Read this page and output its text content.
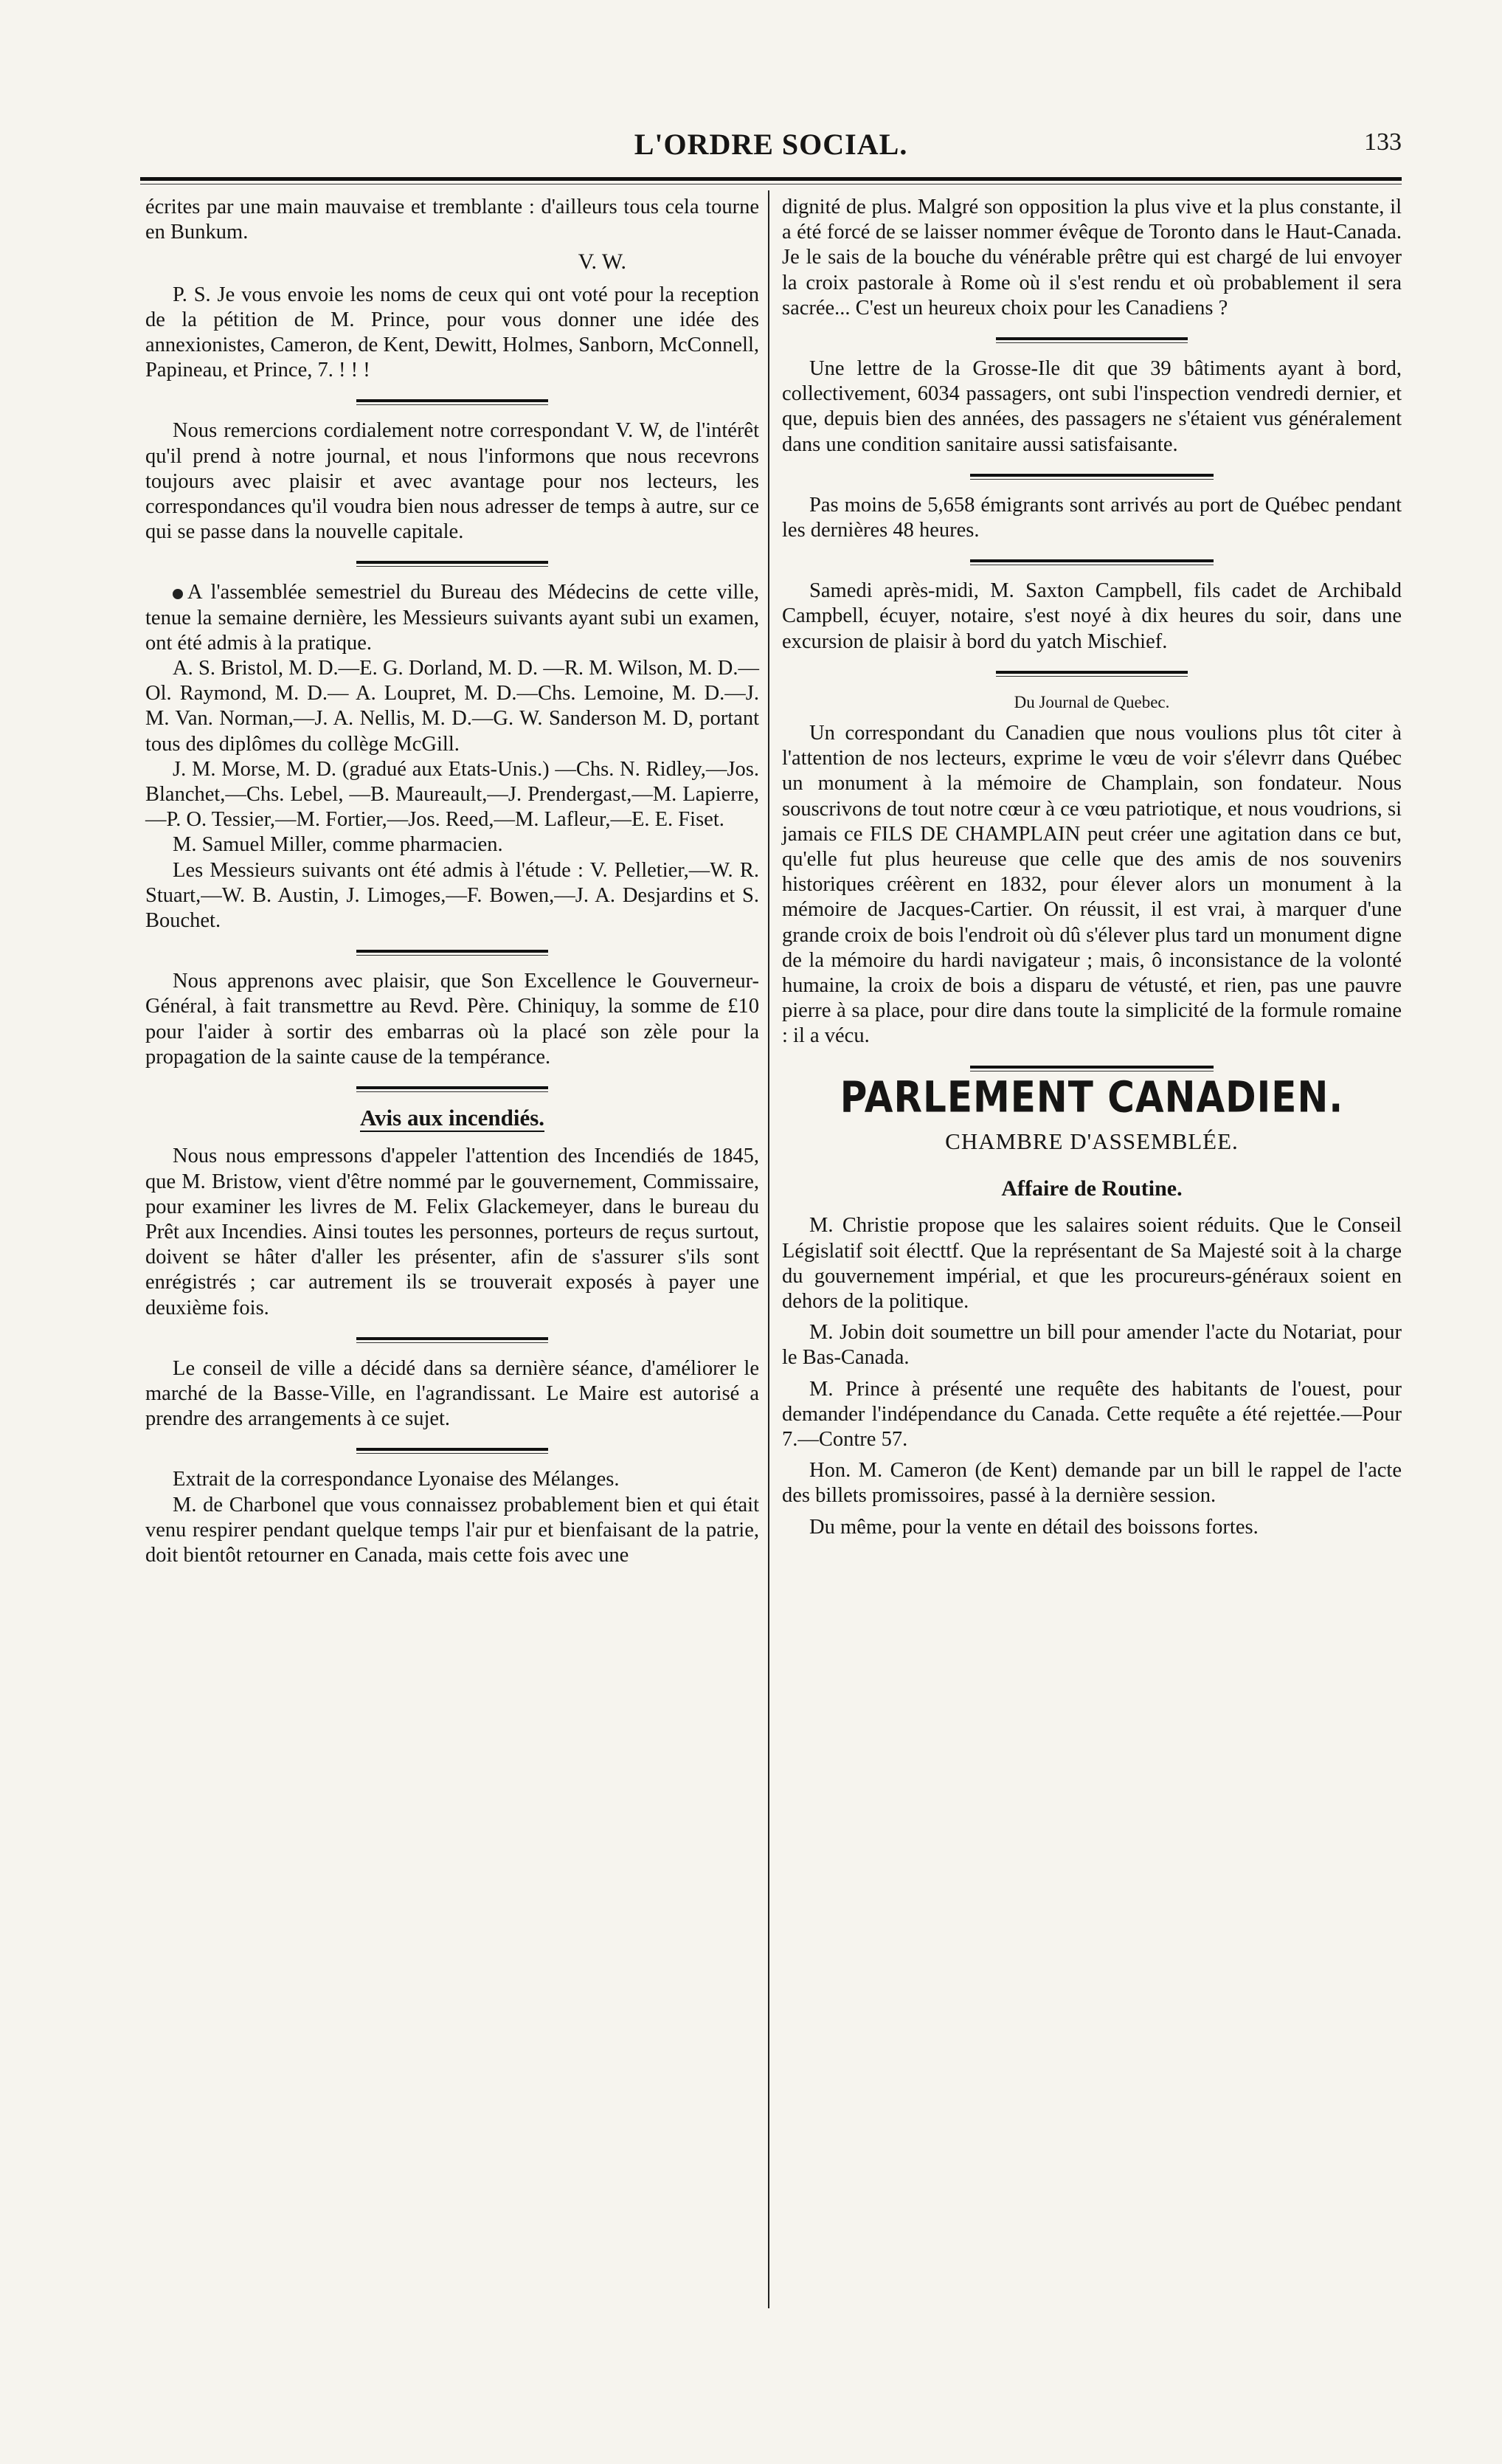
L'ORDRE SOCIAL.	133

écrites par une main mauvaise et tremblante : d'ailleurs tous cela tourne en Bunkum.

V. W.

P. S. Je vous envoie les noms de ceux qui ont voté pour la reception de la pétition de M. Prince, pour vous donner une idée des annexionistes, Cameron, de Kent, Dewitt, Holmes, Sanborn, McConnell, Papineau, et Prince, 7. ! ! !

Nous remercions cordialement notre correspondant V. W, de l'intérêt qu'il prend à notre journal, et nous l'informons que nous recevrons toujours avec plaisir et avec avantage pour nos lecteurs, les correspondances qu'il voudra bien nous adresser de temps à autre, sur ce qui se passe dans la nouvelle capitale.

A l'assemblée semestriel du Bureau des Médecins de cette ville, tenue la semaine dernière, les Messieurs suivants ayant subi un examen, ont été admis à la pratique.

A. S. Bristol, M. D.—E. G. Dorland, M. D. —R. M. Wilson, M. D.—Ol. Raymond, M. D.— A. Loupret, M. D.—Chs. Lemoine, M. D.—J. M. Van. Norman,—J. A. Nellis, M. D.—G. W. Sanderson M. D, portant tous des diplômes du collège McGill.

J. M. Morse, M. D. (gradué aux Etats-Unis.) —Chs. N. Ridley,—Jos. Blanchet,—Chs. Lebel, —B. Maureault,—J. Prendergast,—M. Lapierre, —P. O. Tessier,—M. Fortier,—Jos. Reed,—M. Lafleur,—E. E. Fiset.

M. Samuel Miller, comme pharmacien.

Les Messieurs suivants ont été admis à l'étude : V. Pelletier,—W. R. Stuart,—W. B. Austin, J. Limoges,—F. Bowen,—J. A. Desjardins et S. Bouchet.

Nous apprenons avec plaisir, que Son Excellence le Gouverneur-Général, à fait transmettre au Revd. Père. Chiniquy, la somme de £10 pour l'aider à sortir des embarras où la placé son zèle pour la propagation de la sainte cause de la tempérance.

Avis aux incendiés.

Nous nous empressons d'appeler l'attention des Incendiés de 1845, que M. Bristow, vient d'être nommé par le gouvernement, Commissaire, pour examiner les livres de M. Felix Glackemeyer, dans le bureau du Prêt aux Incendies. Ainsi toutes les personnes, porteurs de reçus surtout, doivent se hâter d'aller les présenter, afin de s'assurer s'ils sont enrégistrés ; car autrement ils se trouverait exposés à payer une deuxième fois.

Le conseil de ville a décidé dans sa dernière séance, d'améliorer le marché de la Basse-Ville, en l'agrandissant. Le Maire est autorisé a prendre des arrangements à ce sujet.

Extrait de la correspondance Lyonaise des Mélanges.

M. de Charbonel que vous connaissez probablement bien et qui était venu respirer pendant quelque temps l'air pur et bienfaisant de la patrie, doit bientôt retourner en Canada, mais cette fois avec une

dignité de plus. Malgré son opposition la plus vive et la plus constante, il a été forcé de se laisser nommer évêque de Toronto dans le Haut-Canada. Je le sais de la bouche du vénérable prêtre qui est chargé de lui envoyer la croix pastorale à Rome où il s'est rendu et où probablement il sera sacrée... C'est un heureux choix pour les Canadiens ?

Une lettre de la Grosse-Ile dit que 39 bâtiments ayant à bord, collectivement, 6034 passagers, ont subi l'inspection vendredi dernier, et que, depuis bien des années, des passagers ne s'étaient vus généralement dans une condition sanitaire aussi satisfaisante.

Pas moins de 5,658 émigrants sont arrivés au port de Québec pendant les dernières 48 heures.

Samedi après-midi, M. Saxton Campbell, fils cadet de Archibald Campbell, écuyer, notaire, s'est noyé à dix heures du soir, dans une excursion de plaisir à bord du yatch Mischief.

Du Journal de Quebec.

Un correspondant du Canadien que nous voulions plus tôt citer à l'attention de nos lecteurs, exprime le vœu de voir s'élevrr dans Québec un monument à la mémoire de Champlain, son fondateur. Nous souscrivons de tout notre cœur à ce vœu patriotique, et nous voudrions, si jamais ce FILS DE CHAMPLAIN peut créer une agitation dans ce but, qu'elle fut plus heureuse que celle que des amis de nos souvenirs historiques créèrent en 1832, pour élever alors un monument à la mémoire de Jacques-Cartier. On réussit, il est vrai, à marquer d'une grande croix de bois l'endroit où dû s'élever plus tard un monument digne de la mémoire du hardi navigateur ; mais, ô inconsistance de la volonté humaine, la croix de bois a disparu de vétusté, et rien, pas une pauvre pierre à sa place, pour dire dans toute la simplicité de la formule romaine : il a vécu.

PARLEMENT CANADIEN.
CHAMBRE D'ASSEMBLÉE.
Affaire de Routine.

M. Christie propose que les salaires soient réduits. Que le Conseil Législatif soit électtf. Que la représentant de Sa Majesté soit à la charge du gouvernement impérial, et que les procureurs-généraux soient en dehors de la politique.

M. Jobin doit soumettre un bill pour amender l'acte du Notariat, pour le Bas-Canada.

M. Prince à présenté une requête des habitants de l'ouest, pour demander l'indépendance du Canada. Cette requête a été rejettée.—Pour 7.—Contre 57.

Hon. M. Cameron (de Kent) demande par un bill le rappel de l'acte des billets promissoires, passé à la dernière session.

Du même, pour la vente en détail des boissons fortes.
